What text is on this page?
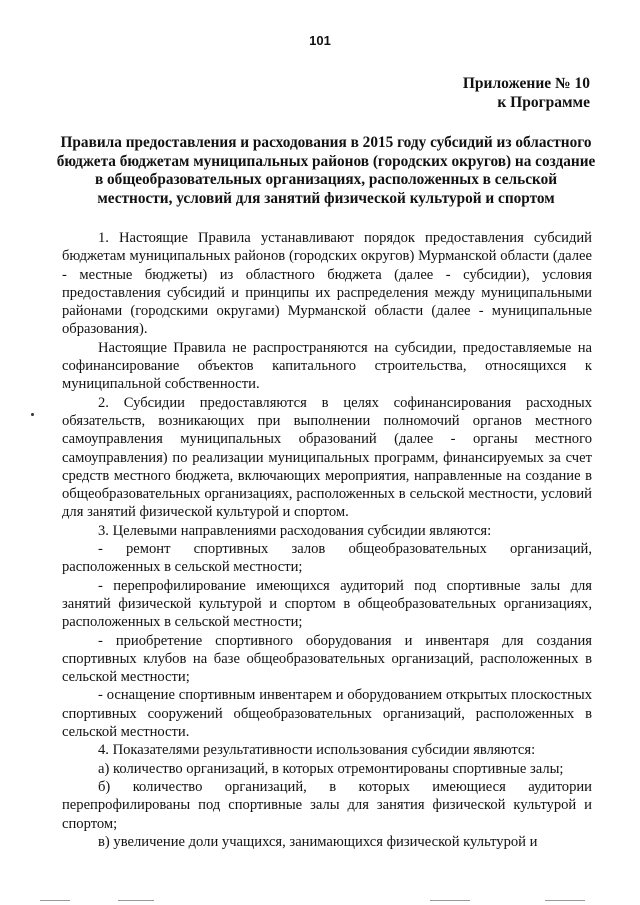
101
Приложение № 10
к Программе
Правила предоставления и расходования в 2015 году субсидий из областного бюджета бюджетам муниципальных районов (городских округов) на создание в общеобразовательных организациях, расположенных в сельской местности, условий для занятий физической культурой и спортом

1. Настоящие Правила устанавливают порядок предоставления субсидий бюджетам муниципальных районов (городских округов) Мурманской области (далее - местные бюджеты) из областного бюджета (далее - субсидии), условия предоставления субсидий и принципы их распределения между муниципальными районами (городскими округами) Мурманской области (далее - муниципальные образования).

Настоящие Правила не распространяются на субсидии, предоставляемые на софинансирование объектов капитального строительства, относящихся к муниципальной собственности.

2. Субсидии предоставляются в целях софинансирования расходных обязательств, возникающих при выполнении полномочий органов местного самоуправления муниципальных образований (далее - органы местного самоуправления) по реализации муниципальных программ, финансируемых за счет средств местного бюджета, включающих мероприятия, направленные на создание в общеобразовательных организациях, расположенных в сельской местности, условий для занятий физической культурой и спортом.

3. Целевыми направлениями расходования субсидии являются:

- ремонт спортивных залов общеобразовательных организаций, расположенных в сельской местности;

- перепрофилирование имеющихся аудиторий под спортивные залы для занятий физической культурой и спортом в общеобразовательных организациях, расположенных в сельской местности;

- приобретение спортивного оборудования и инвентаря для создания спортивных клубов на базе общеобразовательных организаций, расположенных в сельской местности;

- оснащение спортивным инвентарем и оборудованием открытых плоскостных спортивных сооружений общеобразовательных организаций, расположенных в сельской местности.

4. Показателями результативности использования субсидии являются:

а) количество организаций, в которых отремонтированы спортивные залы;

б) количество организаций, в которых имеющиеся аудитории перепрофилированы под спортивные залы для занятия физической культурой и спортом;

в) увеличение доли учащихся, занимающихся физической культурой и
